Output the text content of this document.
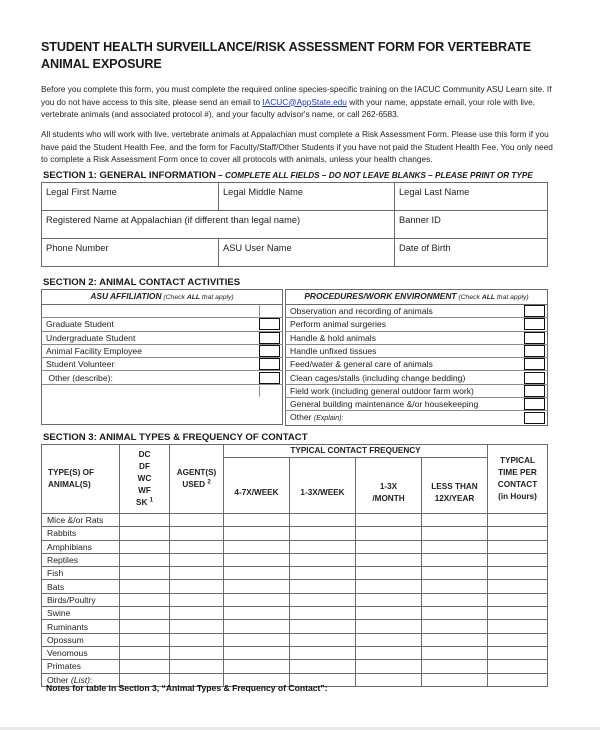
STUDENT HEALTH SURVEILLANCE/RISK ASSESSMENT FORM FOR VERTEBRATE ANIMAL EXPOSURE
Before you complete this form, you must complete the required online species-specific training on the IACUC Community ASU Learn site. If you do not have access to this site, please send an email to IACUC@AppState.edu with your name, appstate email, your role with live, vertebrate animals (and associated protocol #), and your faculty advisor's name, or call 262-6583.
All students who will work with live, vertebrate animals at Appalachian must complete a Risk Assessment Form. Please use this form if you have paid the Student Health Fee, and the form for Faculty/Staff/Other Students if you have not paid the Student Health Fee. You only need to complete a Risk Assessment Form once to cover all protocols with animals, unless your health changes.
SECTION 1: GENERAL INFORMATION – COMPLETE ALL FIELDS – DO NOT LEAVE BLANKS – PLEASE PRINT OR TYPE
Legal First Name	Legal Middle Name	Legal Last Name
Registered Name at Appalachian (if different than legal name)		Banner ID
Phone Number	ASU User Name	Date of Birth
SECTION 2: ANIMAL CONTACT ACTIVITIES
ASU AFFILIATION (Check ALL that apply)	

Graduate Student	

Undergraduate Student	

Animal Facility Employee	

Student Volunteer	

Other (describe):	

PROCEDURES/WORK ENVIRONMENT (Check ALL that apply)	
Observation and recording of animals	

Perform animal surgeries	

Handle & hold animals	

Handle unfixed tissues	

Feed/water & general care of animals	

Clean cages/stalls (including change bedding)	

Field work (including general outdoor farm work)	

General building maintenance &/or housekeeping	

Other (Explain):	
SECTION 3: ANIMAL TYPES & FREQUENCY OF CONTACT
TYPE(S) OF ANIMAL(S)	DC
DF
WC
WF
SK $^1$	AGENT(S) USED $^2$	TYPICAL CONTACT FREQUENCY				TYPICAL TIME PER CONTACT (in Hours)
			4-7X/WEEK	1-3X/WEEK	1-3X /MONTH	LESS THAN 12X/YEAR	
Mice &/or Rats							
Rabbits							
Amphibians							
Reptiles							
Fish							
Bats							
Birds/Poultry							
Swine							
Ruminants							
Opossum							
Venomous							
Primates							
Other (List):							
Notes for table in Section 3, “Animal Types & Frequency of Contact”:
